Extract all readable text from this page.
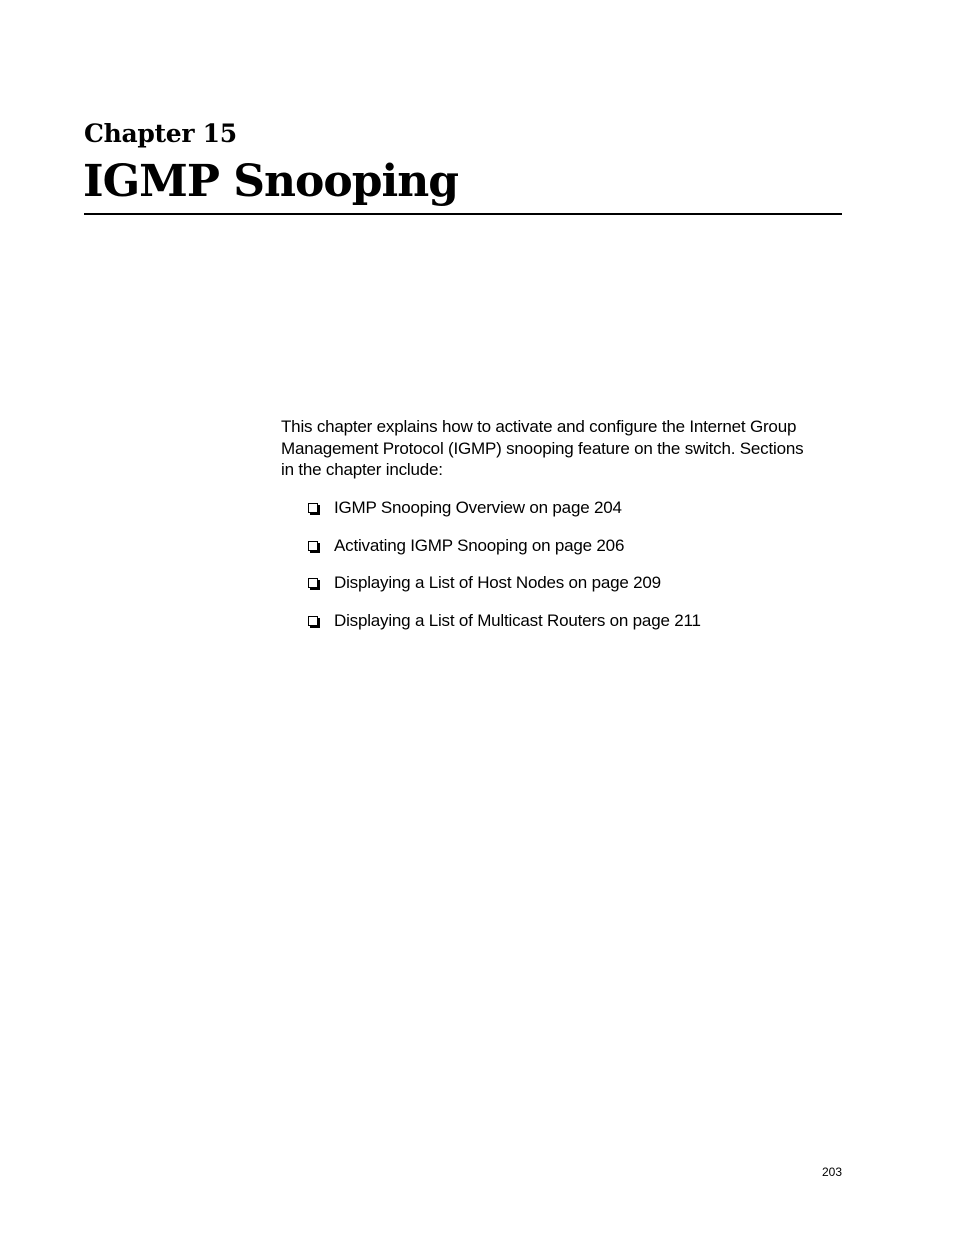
Chapter 15
IGMP Snooping

This chapter explains how to activate and configure the Internet Group
Management Protocol (IGMP) snooping feature on the switch. Sections
in the chapter include:

IGMP Snooping Overview on page 204
Activating IGMP Snooping on page 206
Displaying a List of Host Nodes on page 209
Displaying a List of Multicast Routers on page 211
203
